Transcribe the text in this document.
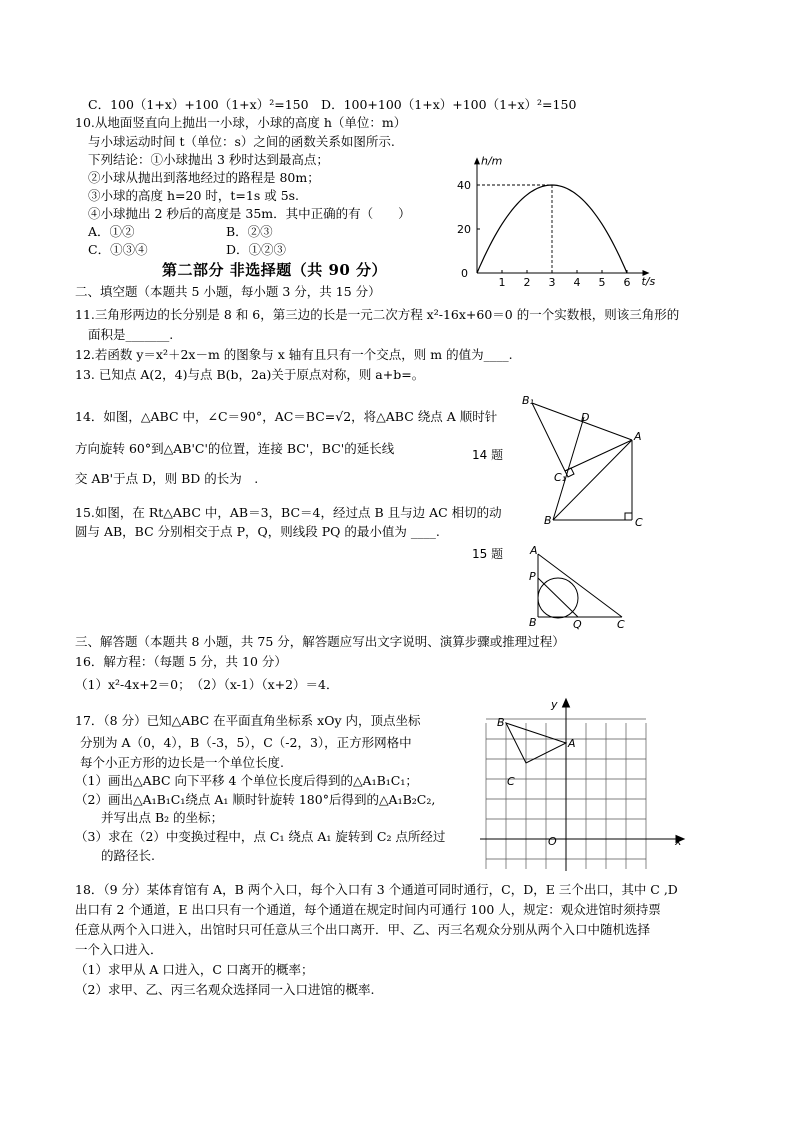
C．100（1+x）+100（1+x）²=150　D．100+100（1+x）+100（1+x）²=150
10.从地面竖直向上抛出一小球，小球的高度 h（单位：m）
与小球运动时间 t（单位：s）之间的函数关系如图所示.
下列结论：①小球抛出 3 秒时达到最高点；
②小球从抛出到落地经过的路程是 80m；
③小球的高度 h=20 时，t=1s 或 5s.
④小球抛出 2 秒后的高度是 35m．其中正确的有（　　）
A．①②	B．②③
C．①③④	D．①②③
第二部分 非选择题（共 90 分）
二、填空题（本题共 5 小题，每小题 3 分，共 15 分）
11.三角形两边的长分别是 8 和 6，第三边的长是一元二次方程 x²-16x+60＝0 的一个实数根，则该三角形的
面积是_______.
12.若函数 y＝x²＋2x－m 的图象与 x 轴有且只有一个交点，则 m 的值为____.
13. 已知点 A(2，4)与点 B(b，2a)关于原点对称，则 a+b=。
14．如图，△ABC 中，∠C＝90°，AC＝BC=√2，将△ABC 绕点 A 顺时针
方向旋转 60°到△AB'C'的位置，连接 BC'，BC'的延长线
交 AB'于点 D，则 BD 的长为　.
15.如图，在 Rt△ABC 中，AB＝3，BC＝4，经过点 B 且与边 AC 相切的动
圆与 AB，BC 分别相交于点 P，Q，则线段 PQ 的最小值为 ____.
三、解答题（本题共 8 小题，共 75 分，解答题应写出文字说明、演算步骤或推理过程）
16．解方程：（每题 5 分，共 10 分）
（1）x²-4x+2＝0；　（2）（x-1）（x+2）＝4．
17．（8 分）已知△ABC 在平面直角坐标系 xOy 内，顶点坐标
分别为 A（0，4），B（-3，5），C（-2，3），正方形网格中
每个小正方形的边长是一个单位长度.
（1）画出△ABC 向下平移 4 个单位长度后得到的△A₁B₁C₁；
（2）画出△A₁B₁C₁绕点 A₁ 顺时针旋转 180°后得到的△A₁B₂C₂,
并写出点 B₂ 的坐标；
（3）求在（2）中变换过程中，点 C₁ 绕点 A₁ 旋转到 C₂ 点所经过
的路径长.
18．（9 分）某体育馆有 A，B 两个入口，每个入口有 3 个通道可同时通行，C，D，E 三个出口，其中 C ,D
出口有 2 个通道，E 出口只有一个通道，每个通道在规定时间内可通行 100 人，规定：观众进馆时须持票
任意从两个入口进入，出馆时只可任意从三个出口离开．甲、乙、丙三名观众分别从两个入口中随机选择
一个入口进入．
（1）求甲从 A 口进入，C 口离开的概率；
（2）求甲、乙、丙三名观众选择同一入口进馆的概率.
1 2 3 4 5 6
20
40
0
t/s
h/m
B₁
D
A
C₁
B	C
14 题
15 题 A
P
B	Q	C
B
A
C
O	x
y
